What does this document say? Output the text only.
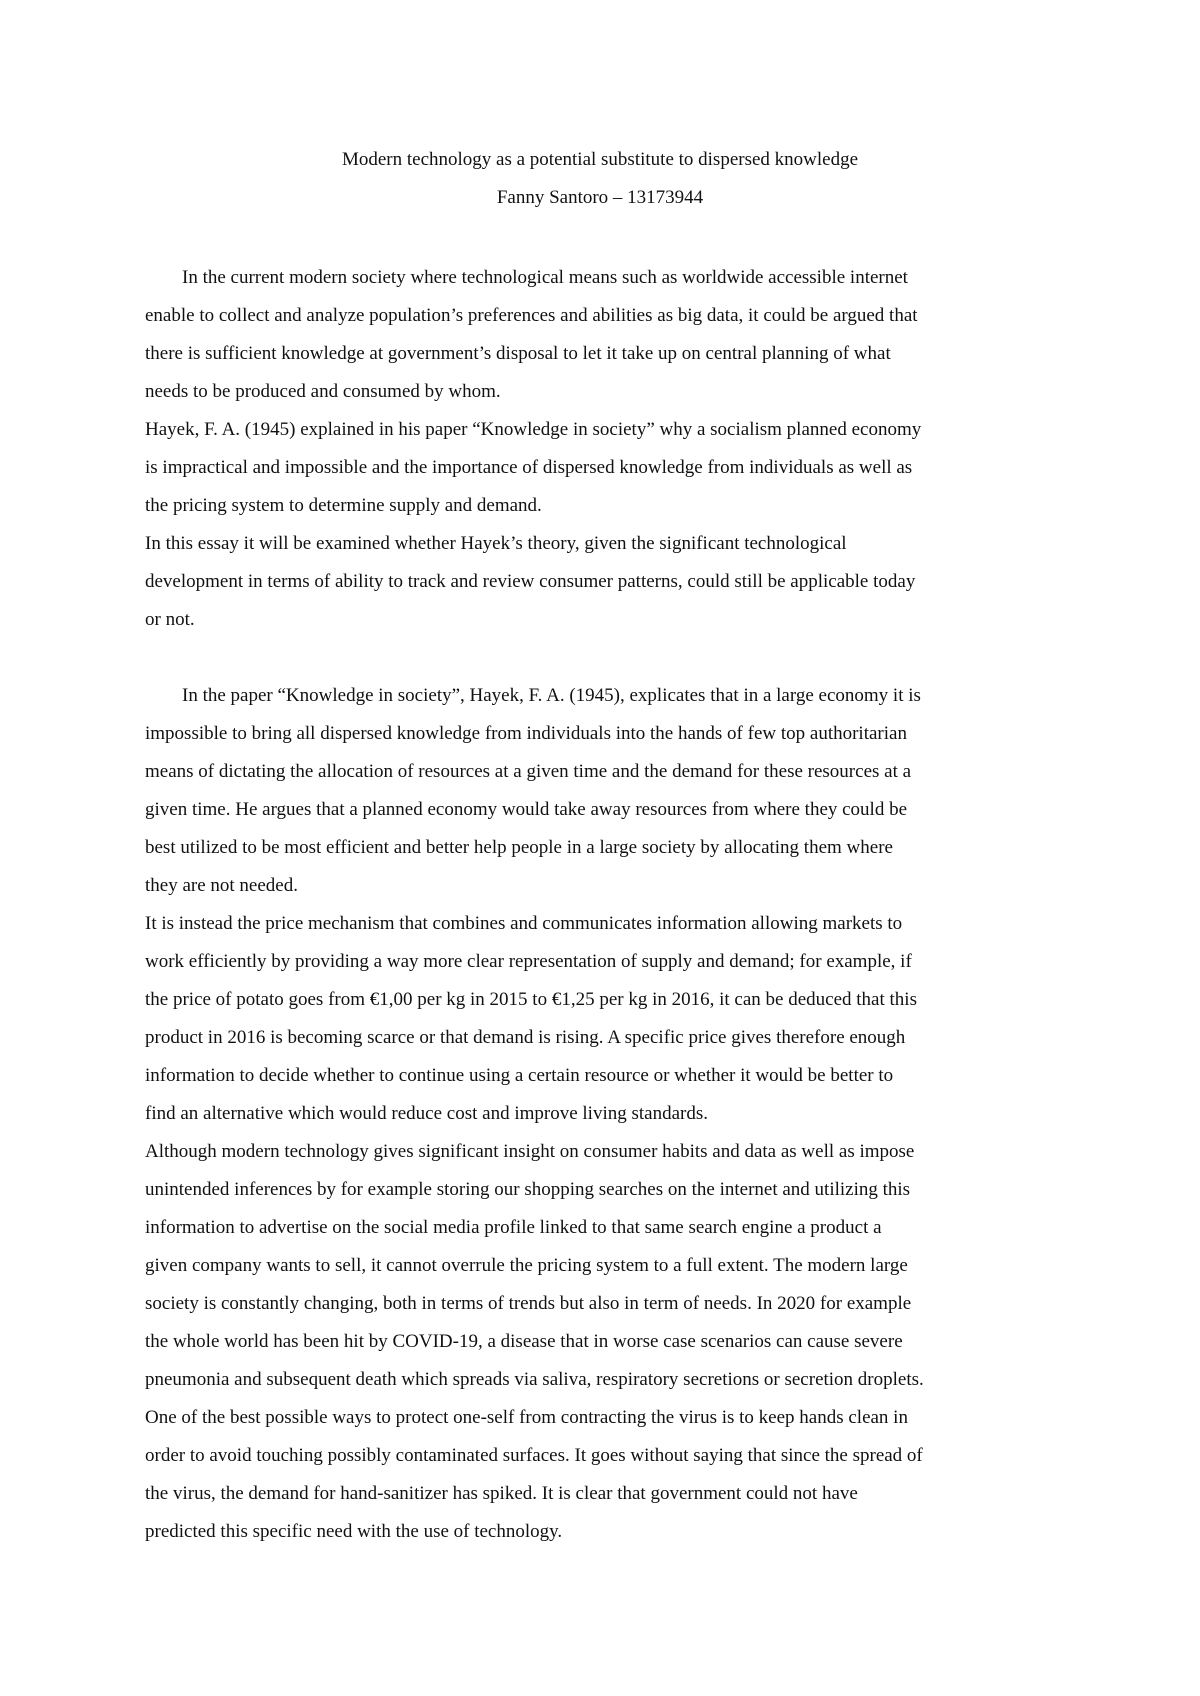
Modern technology as a potential substitute to dispersed knowledge
Fanny Santoro – 13173944
In the current modern society where technological means such as worldwide accessible internet
enable to collect and analyze population’s preferences and abilities as big data, it could be argued that
there is sufficient knowledge at government’s disposal to let it take up on central planning of what
needs to be produced and consumed by whom.
Hayek, F. A. (1945) explained in his paper “Knowledge in society” why a socialism planned economy
is impractical and impossible and the importance of dispersed knowledge from individuals as well as
the pricing system to determine supply and demand.
In this essay it will be examined whether Hayek’s theory, given the significant technological
development in terms of ability to track and review consumer patterns, could still be applicable today
or not.
In the paper “Knowledge in society”, Hayek, F. A. (1945), explicates that in a large economy it is
impossible to bring all dispersed knowledge from individuals into the hands of few top authoritarian
means of dictating the allocation of resources at a given time and the demand for these resources at a
given time. He argues that a planned economy would take away resources from where they could be
best utilized to be most efficient and better help people in a large society by allocating them where
they are not needed.
It is instead the price mechanism that combines and communicates information allowing markets to
work efficiently by providing a way more clear representation of supply and demand; for example, if
the price of potato goes from €1,00 per kg in 2015 to €1,25 per kg in 2016, it can be deduced that this
product in 2016 is becoming scarce or that demand is rising. A specific price gives therefore enough
information to decide whether to continue using a certain resource or whether it would be better to
find an alternative which would reduce cost and improve living standards.
Although modern technology gives significant insight on consumer habits and data as well as impose
unintended inferences by for example storing our shopping searches on the internet and utilizing this
information to advertise on the social media profile linked to that same search engine a product a
given company wants to sell, it cannot overrule the pricing system to a full extent. The modern large
society is constantly changing, both in terms of trends but also in term of needs. In 2020 for example
the whole world has been hit by COVID-19, a disease that in worse case scenarios can cause severe
pneumonia and subsequent death which spreads via saliva, respiratory secretions or secretion droplets.
One of the best possible ways to protect one-self from contracting the virus is to keep hands clean in
order to avoid touching possibly contaminated surfaces. It goes without saying that since the spread of
the virus, the demand for hand-sanitizer has spiked. It is clear that government could not have
predicted this specific need with the use of technology.
